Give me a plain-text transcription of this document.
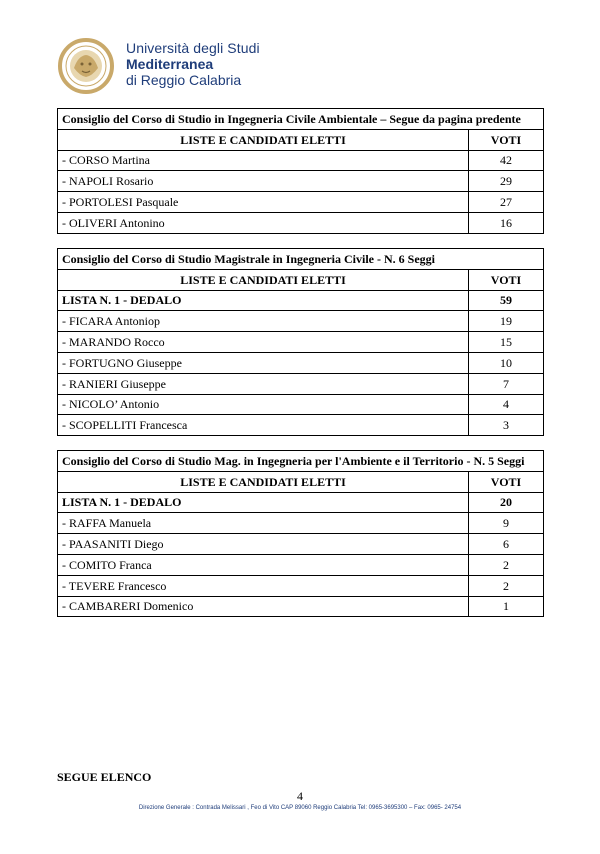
Università degli Studi
Mediterranea
di Reggio Calabria
Consiglio del Corso di Studio in Ingegneria Civile Ambientale – Segue da pagina predente	
LISTE E CANDIDATI ELETTI	VOTI
- CORSO Martina	42
- NAPOLI Rosario	29
- PORTOLESI Pasquale	27
- OLIVERI Antonino	16
Consiglio del Corso di Studio Magistrale in Ingegneria Civile - N. 6 Seggi	
LISTE E CANDIDATI ELETTI	VOTI
LISTA N. 1 - DEDALO	59
- FICARA Antoniop	19
- MARANDO Rocco	15
- FORTUGNO Giuseppe	10
- RANIERI Giuseppe	7
- NICOLO’ Antonio	4
- SCOPELLITI Francesca	3
Consiglio del Corso di Studio Mag. in Ingegneria per l'Ambiente e il Territorio - N. 5 Seggi	
LISTE E CANDIDATI ELETTI	VOTI
LISTA N. 1 - DEDALO	20
- RAFFA Manuela	9
- PAASANITI Diego	6
- COMITO Franca	2
- TEVERE Francesco	2
- CAMBARERI Domenico	1
SEGUE ELENCO
4
Direzione Generale : Contrada Melissari , Feo di Vito CAP 89060 Reggio Calabria Tel: 0965-3695300 – Fax: 0965- 24754
